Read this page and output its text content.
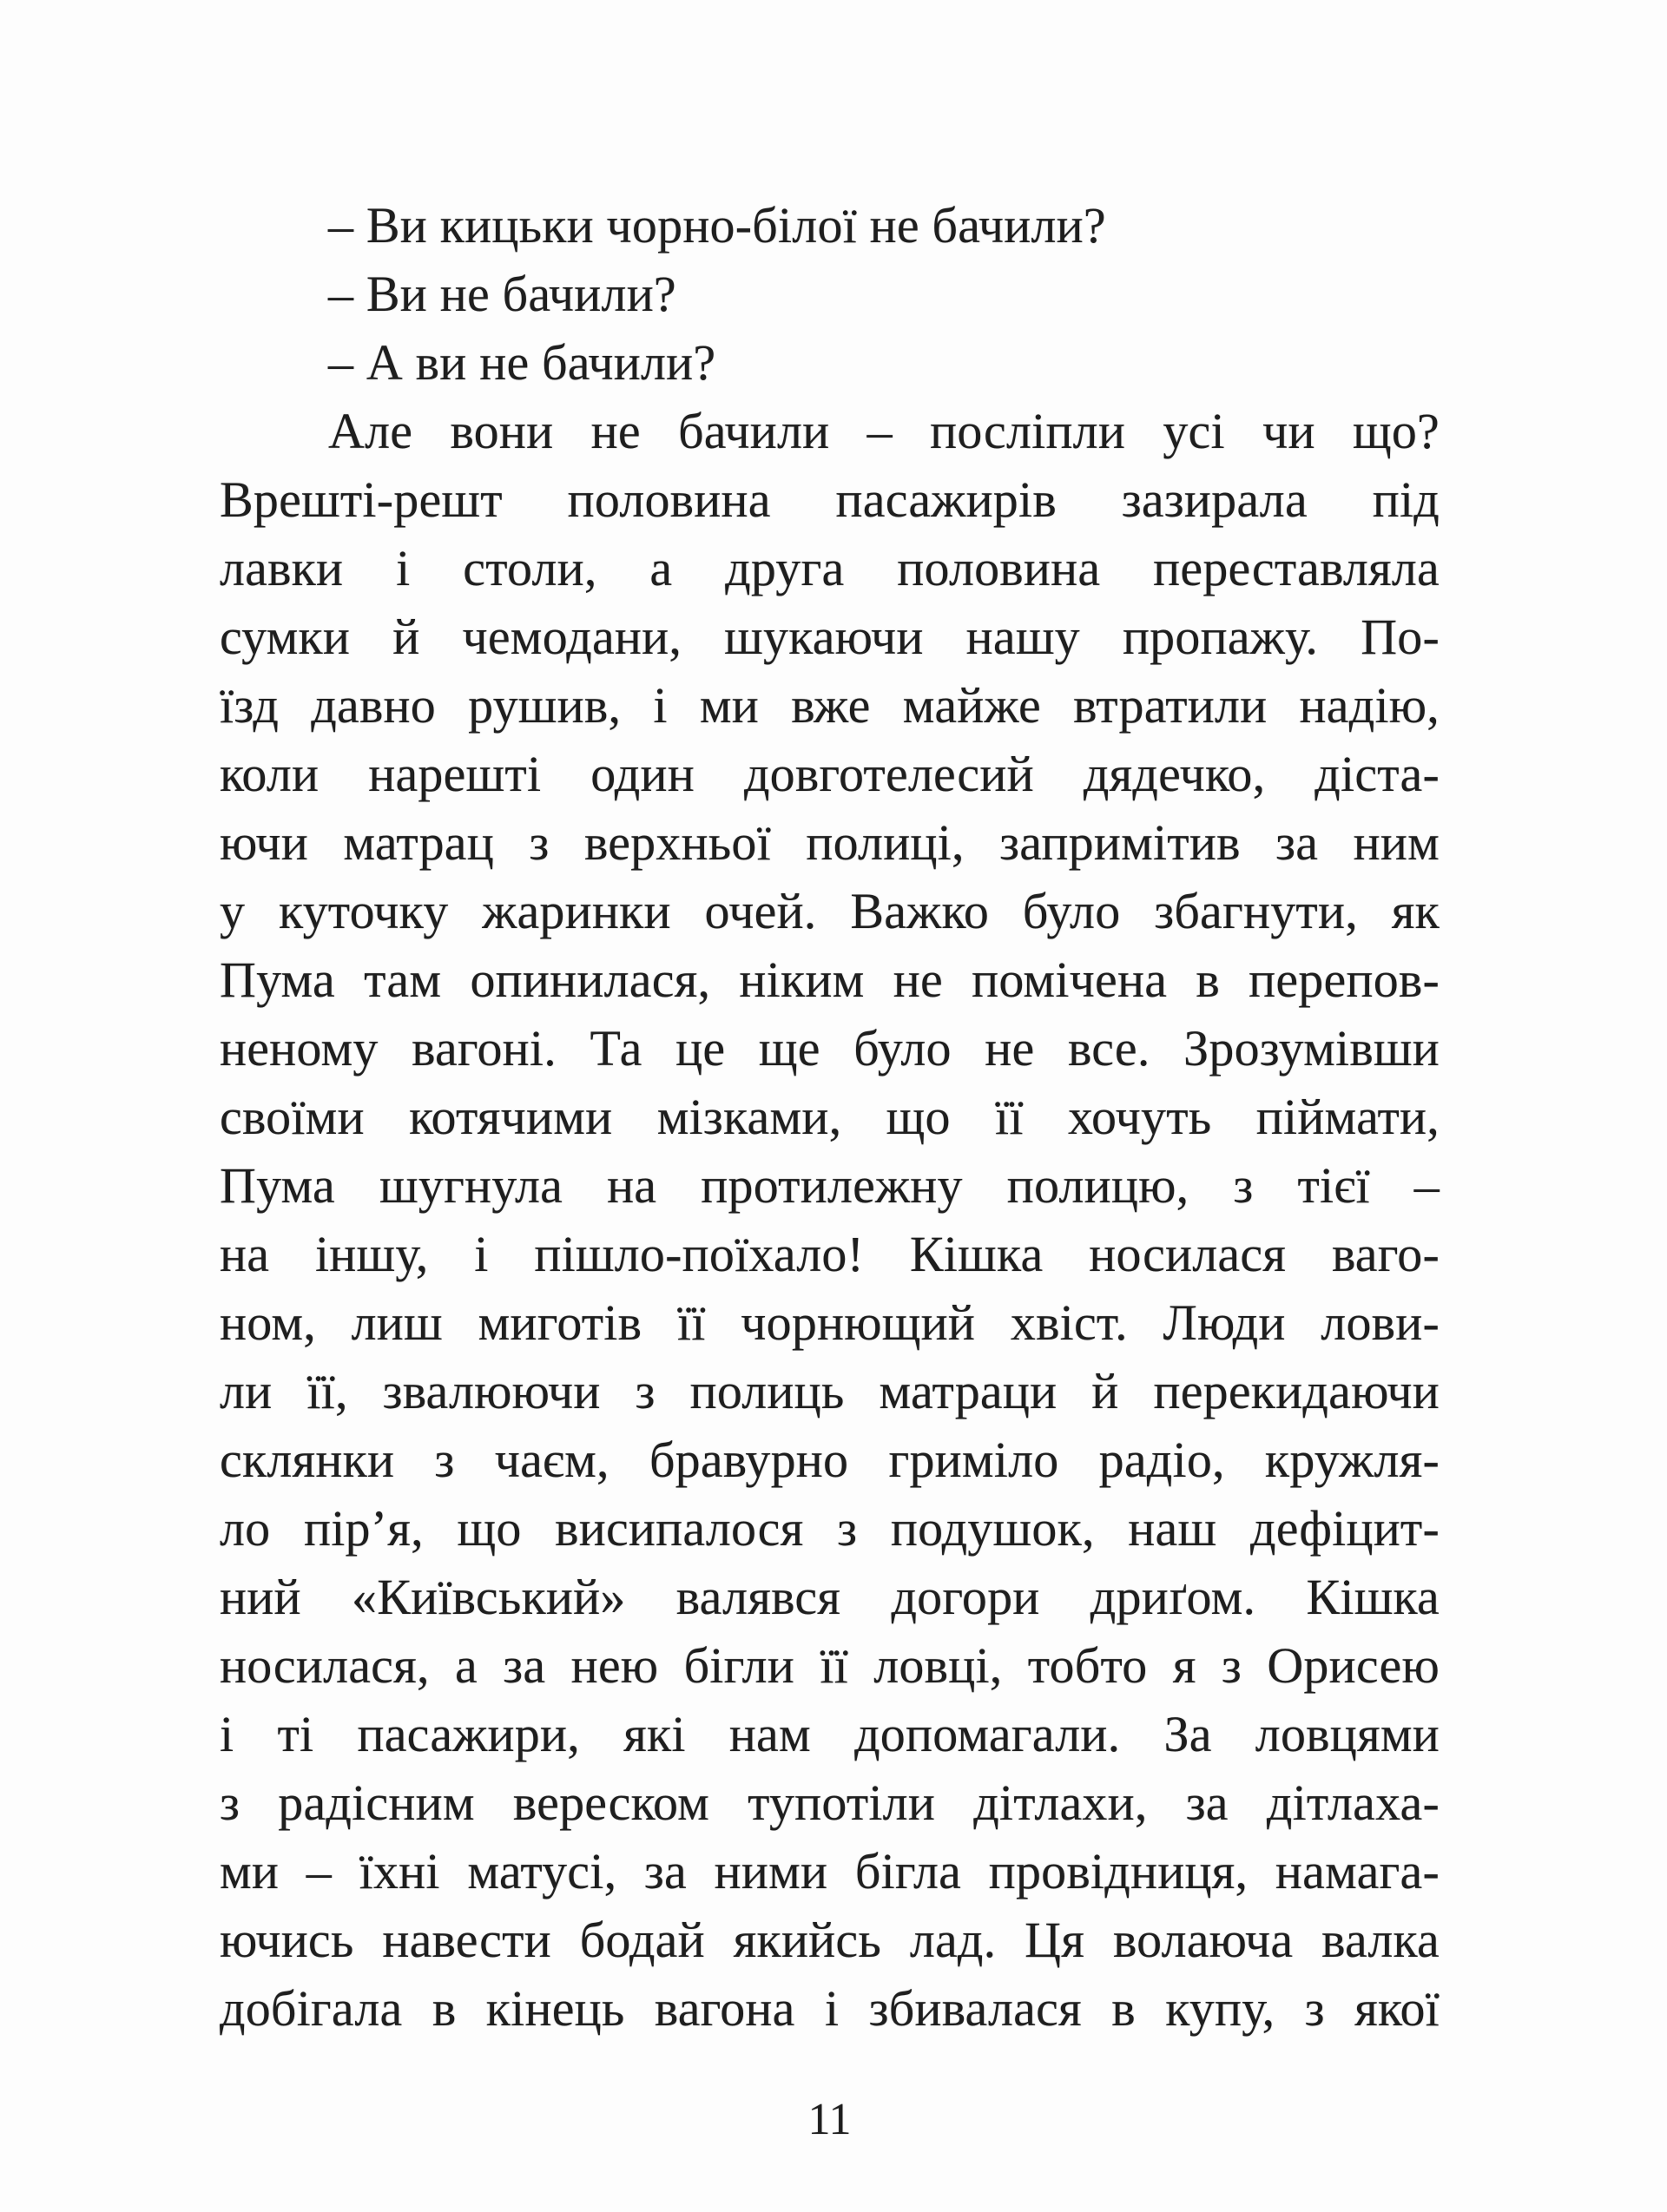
– Ви кицьки чорно-білої не бачили?
– Ви не бачили?
– А ви не бачили?
Але вони не бачили – посліпли усі чи що?
Врешті-решт половина пасажирів зазирала під
лавки і столи, а друга половина переставляла
сумки й чемодани, шукаючи нашу пропажу. По-
їзд давно рушив, і ми вже майже втратили надію,
коли нарешті один довготелесий дядечко, діста-
ючи матрац з верхньої полиці, запримітив за ним
у куточку жаринки очей. Важко було збагнути, як
Пума там опинилася, ніким не помічена в перепов-
неному вагоні. Та це ще було не все. Зрозумівши
своїми котячими мізками, що її хочуть піймати,
Пума шугнула на протилежну полицю, з тієї –
на іншу, і пішло-поїхало! Кішка носилася ваго-
ном, лиш миготів її чорнющий хвіст. Люди лови-
ли її, звалюючи з полиць матраци й перекидаючи
склянки з чаєм, бравурно гриміло радіо, кружля-
ло пір’я, що висипалося з подушок, наш дефіцит-
ний «Київський» валявся догори дриґом. Кішка
носилася, а за нею бігли її ловці, тобто я з Орисею
і ті пасажири, які нам допомагали. За ловцями
з радісним вереском тупотіли дітлахи, за дітлаха-
ми – їхні матусі, за ними бігла провідниця, намага-
ючись навести бодай якийсь лад. Ця волаюча валка
добігала в кінець вагона і збивалася в купу, з якої
11
